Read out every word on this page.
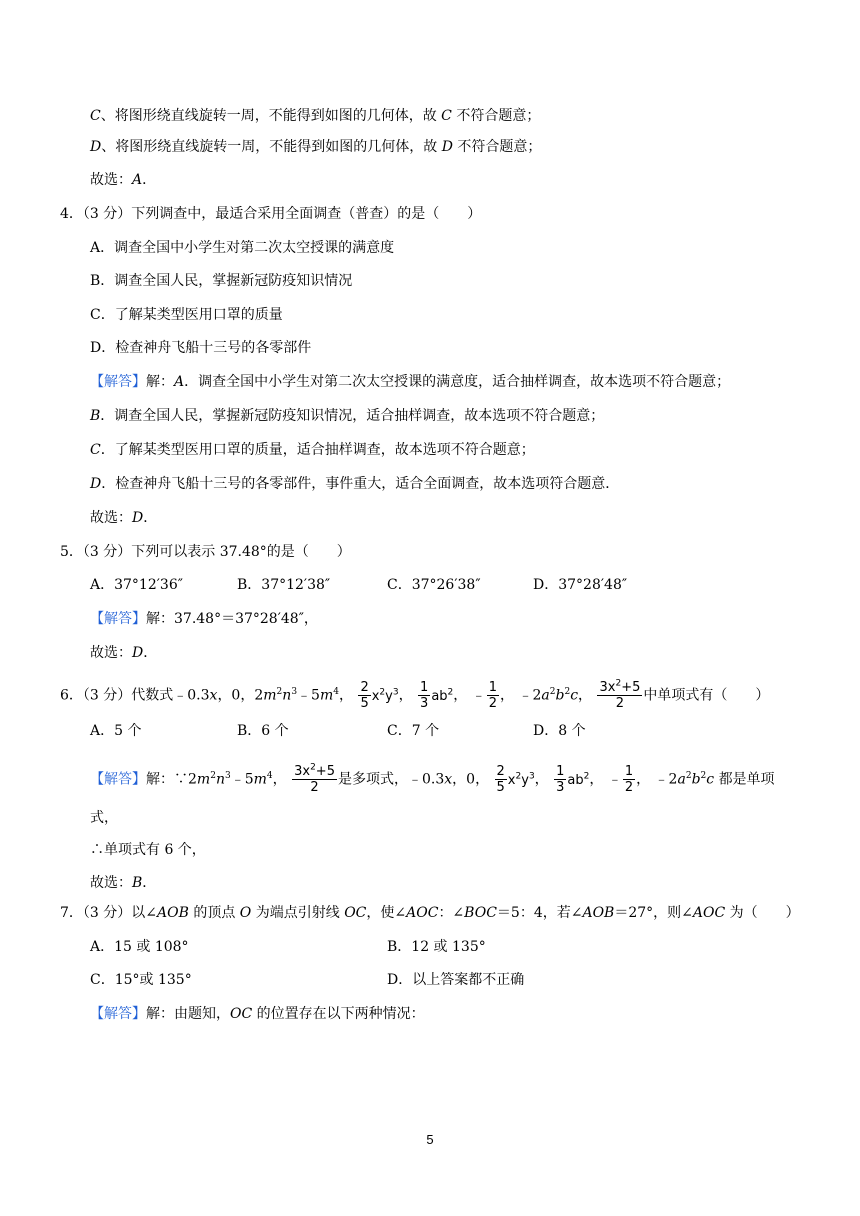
C、将图形绕直线旋转一周，不能得到如图的几何体，故 C 不符合题意；
D、将图形绕直线旋转一周，不能得到如图的几何体，故 D 不符合题意；
故选：A．
4．（3 分）下列调查中，最适合采用全面调查（普查）的是（　　）
A．调查全国中小学生对第二次太空授课的满意度
B．调查全国人民，掌握新冠防疫知识情况
C．了解某类型医用口罩的质量
D．检查神舟飞船十三号的各零部件
【解答】解：A．调查全国中小学生对第二次太空授课的满意度，适合抽样调查，故本选项不符合题意；
B．调查全国人民，掌握新冠防疫知识情况，适合抽样调查，故本选项不符合题意；
C．了解某类型医用口罩的质量，适合抽样调查，故本选项不符合题意；
D．检查神舟飞船十三号的各零部件，事件重大，适合全面调查，故本选项符合题意．
故选：D．
5．（3 分）下列可以表示 37.48°的是（　　）
A．37°12′36″	B．37°12′38″	C．37°26′38″	D．37°28′48″
【解答】解：37.48°＝37°28′48″，
故选：D．
6．（3 分）代数式﹣0.3x，0，$2m^2n^3﹣5m^4$， $\frac{2}{5} x^2y^3$， $\frac{1}{3} ab^2$， ﹣ $\frac{1}{2}$ ， $﹣2a^2b^2c$， $\frac{3x^2+5}{2}$ 中单项式有（　　）
A．5 个	B．6 个	C．7 个	D．8 个
【解答】解：$\because 2m^2n^3﹣5m^4$， $\frac{3x^2+5}{2}$ 是多项式，﹣0.3x，0， $\frac{2}{5} x^2y^3$， $\frac{1}{3} ab^2$， ﹣ $\frac{1}{2}$ ， $﹣2a^2b^2c$ 都是单项
式，
∴单项式有 6 个，
故选：B．
7．（3 分）以∠AOB 的顶点 O 为端点引射线 OC，使∠AOC：∠BOC＝5：4，若∠AOB＝27°，则∠AOC 为（　　）
A．15 或 108°	B．12 或 135°
C．15°或 135°	D．以上答案都不正确
【解答】解：由题知，OC 的位置存在以下两种情况：
5
